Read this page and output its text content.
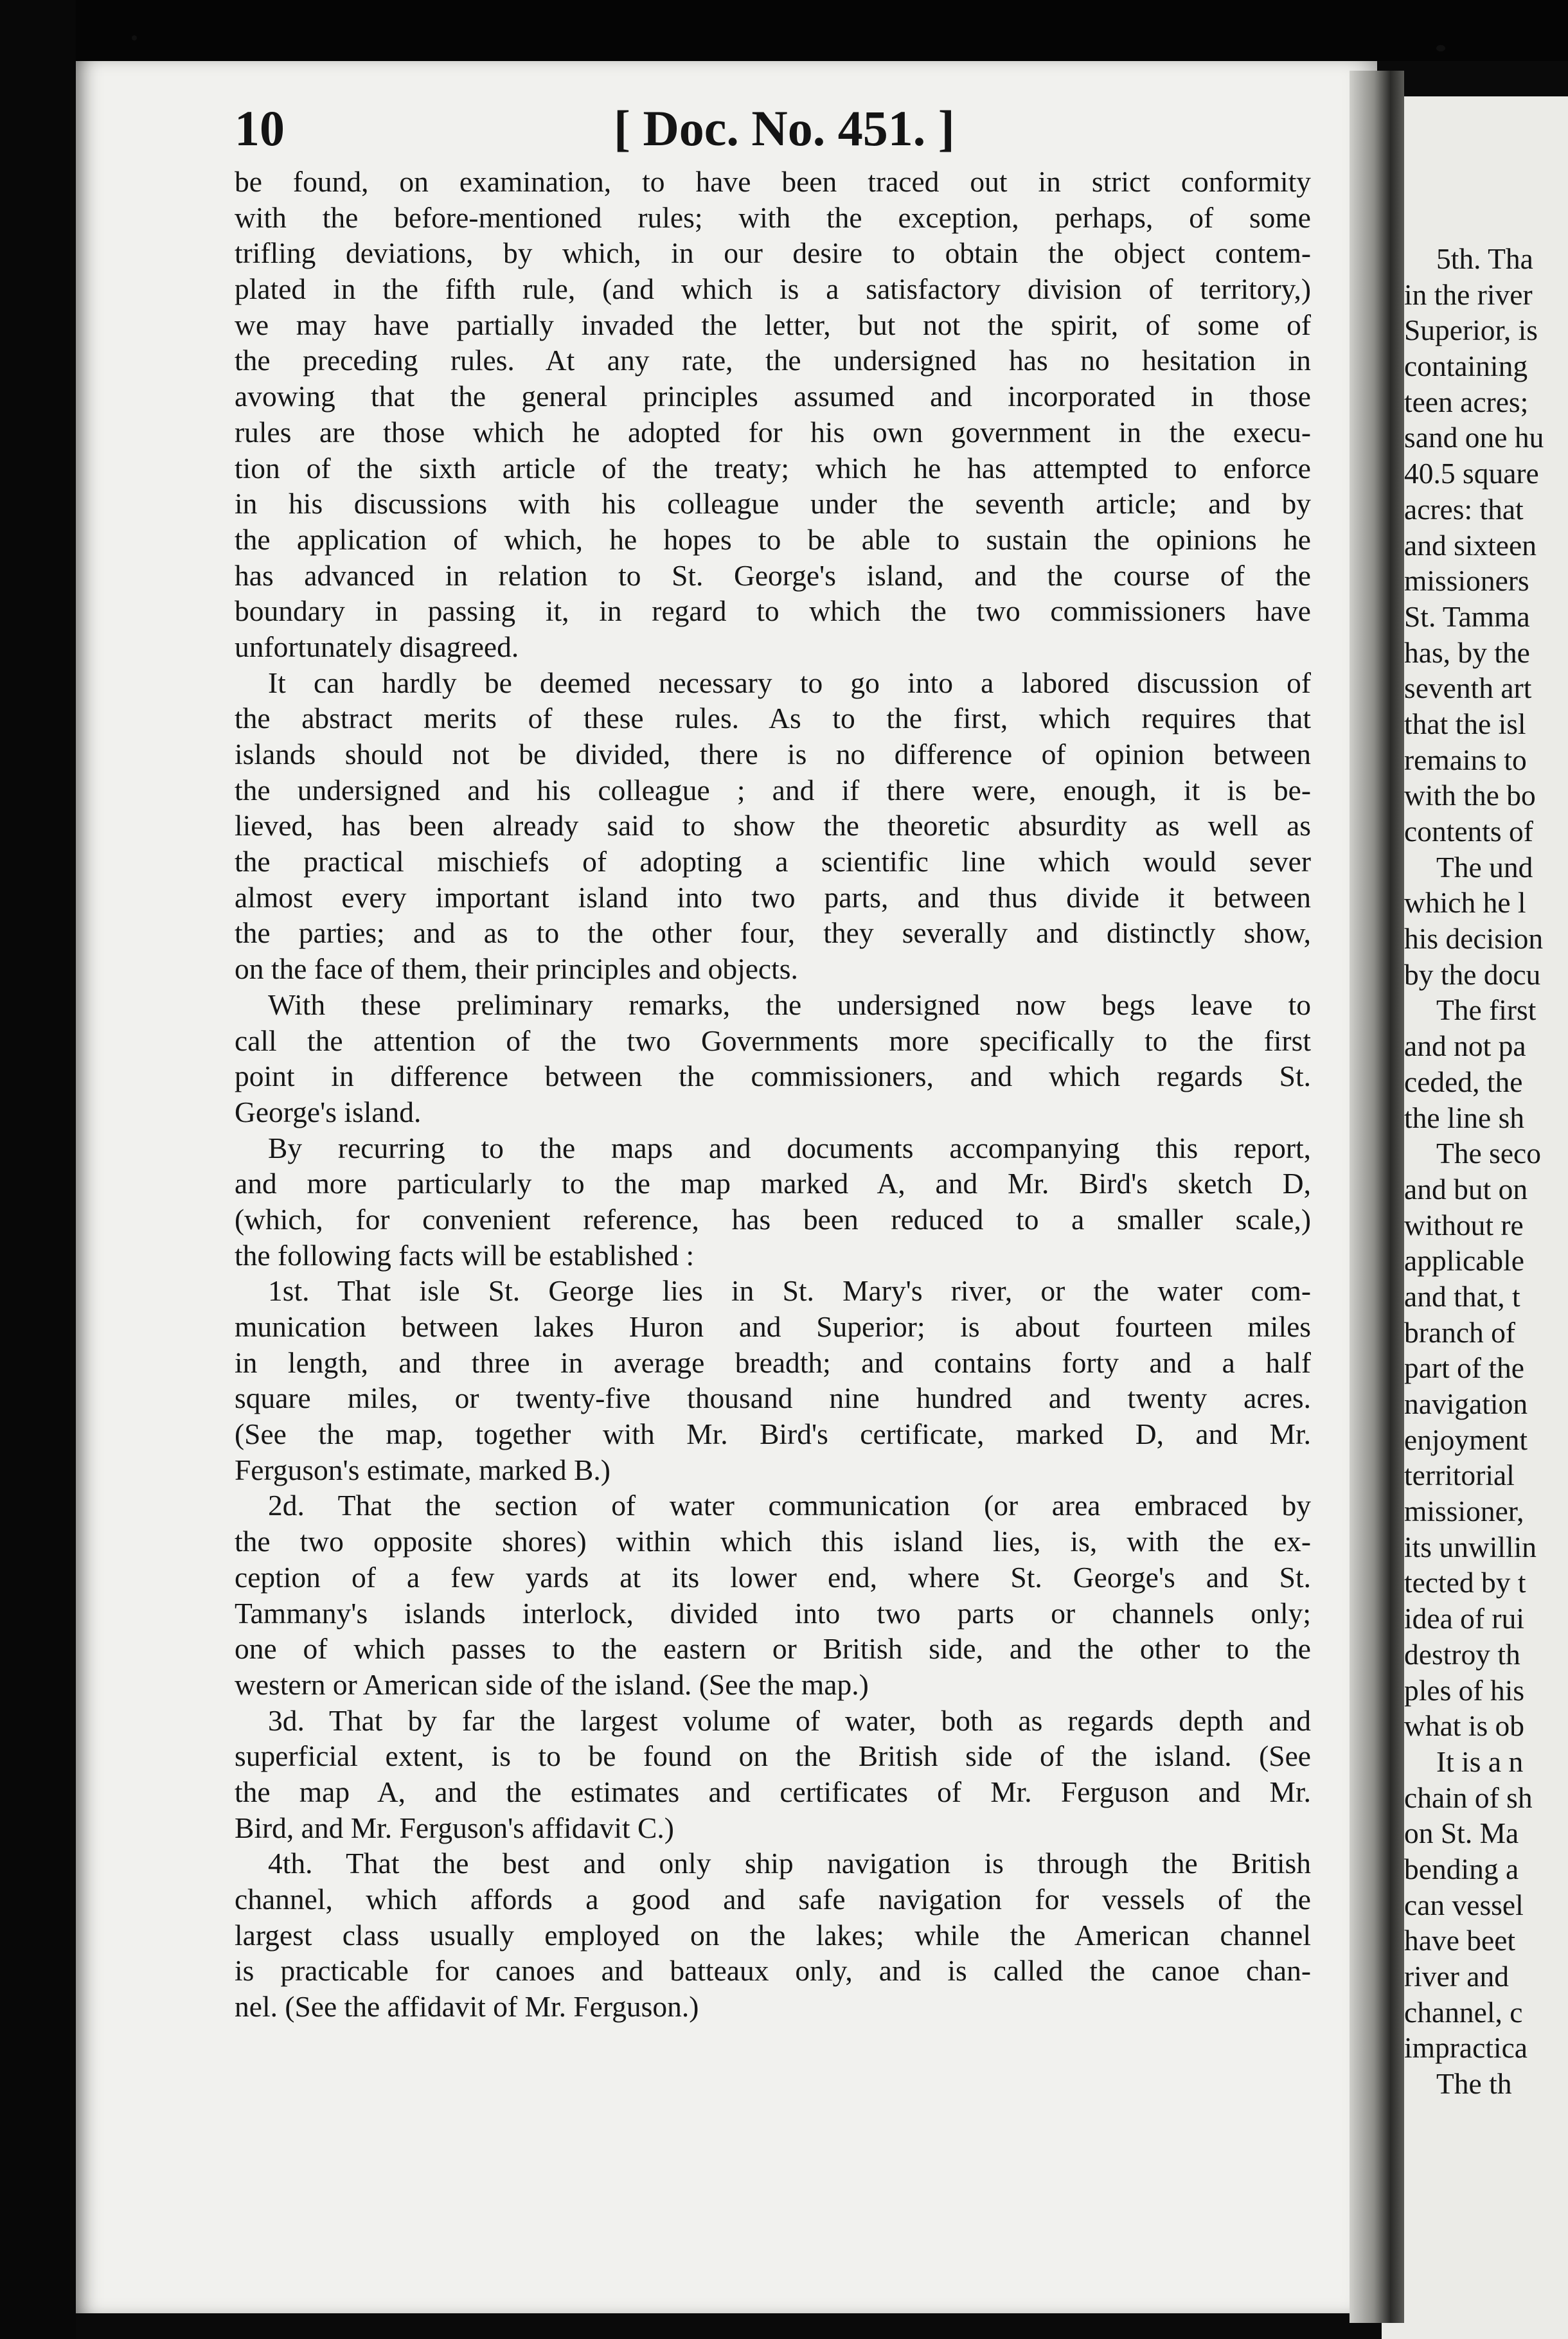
10	[ Doc. No. 451. ]
be found, on examination, to have been traced out in strict conformity
with the before-mentioned rules; with the exception, perhaps, of some
trifling deviations, by which, in our desire to obtain the object contem-
plated in the fifth rule, (and which is a satisfactory division of territory,)
we may have partially invaded the letter, but not the spirit, of some of
the preceding rules. At any rate, the undersigned has no hesitation in
avowing that the general principles assumed and incorporated in those
rules are those which he adopted for his own government in the execu-
tion of the sixth article of the treaty; which he has attempted to enforce
in his discussions with his colleague under the seventh article; and by
the application of which, he hopes to be able to sustain the opinions he
has advanced in relation to St. George's island, and the course of the
boundary in passing it, in regard to which the two commissioners have
unfortunately disagreed.
It can hardly be deemed necessary to go into a labored discussion of
the abstract merits of these rules. As to the first, which requires that
islands should not be divided, there is no difference of opinion between
the undersigned and his colleague ; and if there were, enough, it is be-
lieved, has been already said to show the theoretic absurdity as well as
the practical mischiefs of adopting a scientific line which would sever
almost every important island into two parts, and thus divide it between
the parties; and as to the other four, they severally and distinctly show,
on the face of them, their principles and objects.
With these preliminary remarks, the undersigned now begs leave to
call the attention of the two Governments more specifically to the first
point in difference between the commissioners, and which regards St.
George's island.
By recurring to the maps and documents accompanying this report,
and more particularly to the map marked A, and Mr. Bird's sketch D,
(which, for convenient reference, has been reduced to a smaller scale,)
the following facts will be established :
1st. That isle St. George lies in St. Mary's river, or the water com-
munication between lakes Huron and Superior; is about fourteen miles
in length, and three in average breadth; and contains forty and a half
square miles, or twenty-five thousand nine hundred and twenty acres.
(See the map, together with Mr. Bird's certificate, marked D, and Mr.
Ferguson's estimate, marked B.)
2d. That the section of water communication (or area embraced by
the two opposite shores) within which this island lies, is, with the ex-
ception of a few yards at its lower end, where St. George's and St.
Tammany's islands interlock, divided into two parts or channels only;
one of which passes to the eastern or British side, and the other to the
western or American side of the island. (See the map.)
3d. That by far the largest volume of water, both as regards depth and
superficial extent, is to be found on the British side of the island. (See
the map A, and the estimates and certificates of Mr. Ferguson and Mr.
Bird, and Mr. Ferguson's affidavit C.)
4th. That the best and only ship navigation is through the British
channel, which affords a good and safe navigation for vessels of the
largest class usually employed on the lakes; while the American channel
is practicable for canoes and batteaux only, and is called the canoe chan-
nel. (See the affidavit of Mr. Ferguson.)
5th. Tha
in the river
Superior, is
containing
teen acres;
sand one hu
40.5 square
acres: that
and sixteen
missioners
St. Tamma
has, by the
seventh art
that the isl
remains to
with the bo
contents of
The und
which he l
his decision
by the docu
The first
and not pa
ceded, the
the line sh
The seco
and but on
without re
applicable
and that, t
branch of
part of the
navigation
enjoyment
territorial
missioner,
its unwillin
tected by t
idea of rui
destroy th
ples of his
what is ob
It is a n
chain of sh
on St. Ma
bending a
can vessel
have beet
river and
channel, c
impractica
The th
